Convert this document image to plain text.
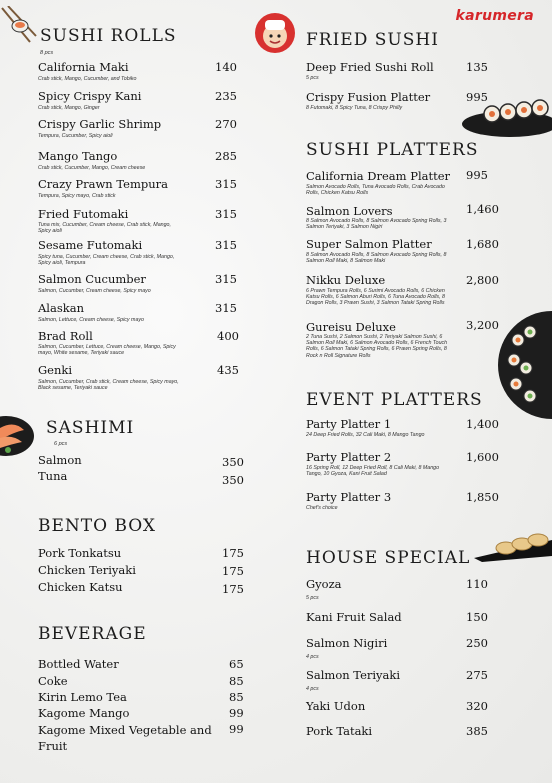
karumera
SUSHI ROLLS
8 pcs
California Maki
Crab stick, Mango, Cucumber, and Tobiko
140
Spicy Crispy Kani
Crab stick, Mango, Ginger
235
Crispy Garlic Shrimp
Tempura, Cucumber, Spicy aioli
270
Mango Tango
Crab stick, Cucumber, Mango, Cream cheese
285
Crazy Prawn Tempura
Tempura, Spicy mayo, Crab stick
315
Fried Futomaki
Tuna mix, Cucumber, Cream cheese, Crab stick, Mango, Spicy aioli
315
Sesame Futomaki
Spicy tuna, Cucumber, Cream cheese, Crab stick, Mango, Spicy aioli, Tempura
315
Salmon Cucumber
Salmon, Cucumber, Cream cheese, Spicy mayo
315
Alaskan
Salmon, Lettuce, Cream cheese, Spicy mayo
315
Brad Roll
Salmon, Cucumber, Lettuce, Cream cheese, Mango, Spicy mayo, White sesame, Teriyaki sauce
400
Genki
Salmon, Cucumber, Crab stick, Cream cheese, Spicy mayo, Black sesame, Teriyaki sauce
435
SASHIMI
6 pcs
Salmon	350
Tuna	350
BENTO BOX
Pork Tonkatsu	175
Chicken Teriyaki	175
Chicken Katsu	175
BEVERAGE
Bottled Water	65
Coke	85
Kirin Lemo Tea	85
Kagome Mango	99
Kagome Mixed Vegetable and Fruit
99
FRIED SUSHI
Deep Fried Sushi Roll
5 pcs
135
Crispy Fusion Platter
8 Futomaki, 8 Spicy Tuna, 8 Crispy Philly
995
SUSHI PLATTERS
California Dream Platter
Salmon Avocado Rolls, Tuna Avocado Rolls, Crab Avocado Rolls, Chicken Katsu Rolls
995
Salmon Lovers
8 Salmon Avocado Rolls, 8 Salmon Avocado Spring Rolls, 3 Salmon Teriyaki, 3 Salmon Nigiri
1,460
Super Salmon Platter
8 Salmon Avocado Rolls, 8 Salmon Avocado Spring Rolls, 8 Salmon Roll Maki, 8 Salmon Maki
1,680
Nikku Deluxe
6 Prawn Tempura Rolls, 6 Surimi Avocado Rolls, 6 Chicken Katsu Rolls, 6 Salmon Aburi Rolls, 6 Tuna Avocado Rolls, 8 Dragon Rolls, 3 Prawn Sushi, 3 Salmon Tataki Spring Rolls
2,800
Gureisu Deluxe
2 Tuna Sushi, 2 Salmon Sushi, 2 Teriyaki Salmon Sushi, 6 Salmon Roll Maki, 6 Salmon Avocado Rolls, 6 French Touch Rolls, 6 Salmon Tataki Spring Rolls, 6 Prawn Spring Rolls, 8 Rock n Roll Signature Rolls
3,200
EVENT PLATTERS
Party Platter 1
24 Deep Fried Rolls, 32 Cali Maki, 8 Mango Tango
1,400
Party Platter 2
16 Spring Roll, 12 Deep Fried Roll, 8 Cali Maki, 8 Mango Tango, 10 Gyoza, Kani Fruit Salad
1,600
Party Platter 3
Chef's choice
1,850
HOUSE SPECIAL
Gyoza
5 pcs
110
Kani Fruit Salad	150
Salmon Nigiri
4 pcs
250
Salmon Teriyaki
4 pcs
275
Yaki Udon	320
Pork Tataki	385
